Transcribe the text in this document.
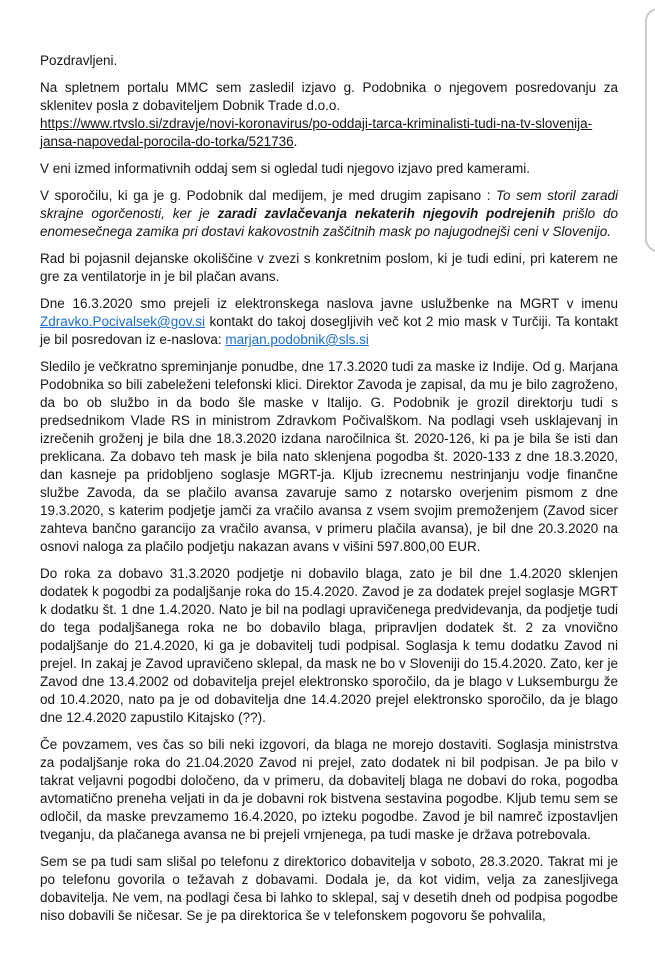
Pozdravljeni.

Na spletnem portalu MMC sem zasledil izjavo g. Podobnika o njegovem posredovanju za sklenitev posla z dobaviteljem Dobnik Trade d.o.o.
https://www.rtvslo.si/zdravje/novi-koronavirus/po-oddaji-tarca-kriminalisti-tudi-na-tv-slovenija-jansa-napovedal-porocila-do-torka/521736.

V eni izmed informativnih oddaj sem si ogledal tudi njegovo izjavo pred kamerami.

V sporočilu, ki ga je g. Podobnik dal medijem, je med drugim zapisano : To sem storil zaradi skrajne ogorčenosti, ker je zaradi zavlačevanja nekaterih njegovih podrejenih prišlo do enomesečnega zamika pri dostavi kakovostnih zaščitnih mask po najugodnejši ceni v Slovenijo.

Rad bi pojasnil dejanske okoliščine v zvezi s konkretnim poslom, ki je tudi edini, pri katerem ne gre za ventilatorje in je bil plačan avans.

Dne 16.3.2020 smo prejeli iz elektronskega naslova javne uslužbenke na MGRT v imenu Zdravko.Pocivalsek@gov.si kontakt do takoj dosegljivih več kot 2 mio mask v Turčiji. Ta kontakt je bil posredovan iz e-naslova: marjan.podobnik@sls.si

Sledilo je večkratno spreminjanje ponudbe, dne 17.3.2020 tudi za maske iz Indije. Od g. Marjana Podobnika so bili zabeleženi telefonski klici. Direktor Zavoda je zapisal, da mu je bilo zagroženo, da bo ob službo in da bodo šle maske v Italijo. G. Podobnik je grozil direktorju tudi s predsednikom Vlade RS in ministrom Zdravkom Počivalškom. Na podlagi vseh usklajevanj in izrečenih groženj je bila dne 18.3.2020 izdana naročilnica št. 2020-126, ki pa je bila še isti dan preklicana. Za dobavo teh mask je bila nato sklenjena pogodba št. 2020-133 z dne 18.3.2020, dan kasneje pa pridobljeno soglasje MGRT-ja. Kljub izrecnemu nestrinjanju vodje finančne službe Zavoda, da se plačilo avansa zavaruje samo z notarsko overjenim pismom z dne 19.3.2020, s katerim podjetje jamči za vračilo avansa z vsem svojim premoženjem (Zavod sicer zahteva bančno garancijo za vračilo avansa, v primeru plačila avansa), je bil dne 20.3.2020 na osnovi naloga za plačilo podjetju nakazan avans v višini 597.800,00 EUR.

Do roka za dobavo 31.3.2020 podjetje ni dobavilo blaga, zato je bil dne 1.4.2020 sklenjen dodatek k pogodbi za podaljšanje roka do 15.4.2020. Zavod je za dodatek prejel soglasje MGRT k dodatku št. 1 dne 1.4.2020. Nato je bil na podlagi upravičenega predvidevanja, da podjetje tudi do tega podaljšanega roka ne bo dobavilo blaga, pripravljen dodatek št. 2 za vnovično podaljšanje do 21.4.2020, ki ga je dobavitelj tudi podpisal. Soglasja k temu dodatku Zavod ni prejel. In zakaj je Zavod upravičeno sklepal, da mask ne bo v Sloveniji do 15.4.2020. Zato, ker je Zavod dne 13.4.2002 od dobavitelja prejel elektronsko sporočilo, da je blago v Luksemburgu že od 10.4.2020, nato pa je od dobavitelja dne 14.4.2020 prejel elektronsko sporočilo, da je blago dne 12.4.2020 zapustilo Kitajsko (??).

Če povzamem, ves čas so bili neki izgovori, da blaga ne morejo dostaviti. Soglasja ministrstva za podaljšanje roka do 21.04.2020 Zavod ni prejel, zato dodatek ni bil podpisan. Je pa bilo v takrat veljavni pogodbi določeno, da v primeru, da dobavitelj blaga ne dobavi do roka, pogodba avtomatično preneha veljati in da je dobavni rok bistvena sestavina pogodbe. Kljub temu sem se odločil, da maske prevzamemo 16.4.2020, po izteku pogodbe. Zavod je bil namreč izpostavljen tveganju, da plačanega avansa ne bi prejeli vrnjenega, pa tudi maske je država potrebovala.

Sem se pa tudi sam slišal po telefonu z direktorico dobavitelja v soboto, 28.3.2020. Takrat mi je po telefonu govorila o težavah z dobavami. Dodala je, da kot vidim, velja za zanesljivega dobavitelja. Ne vem, na podlagi česa bi lahko to sklepal, saj v desetih dneh od podpisa pogodbe niso dobavili še ničesar. Se je pa direktorica še v telefonskem pogovoru še pohvalila,
